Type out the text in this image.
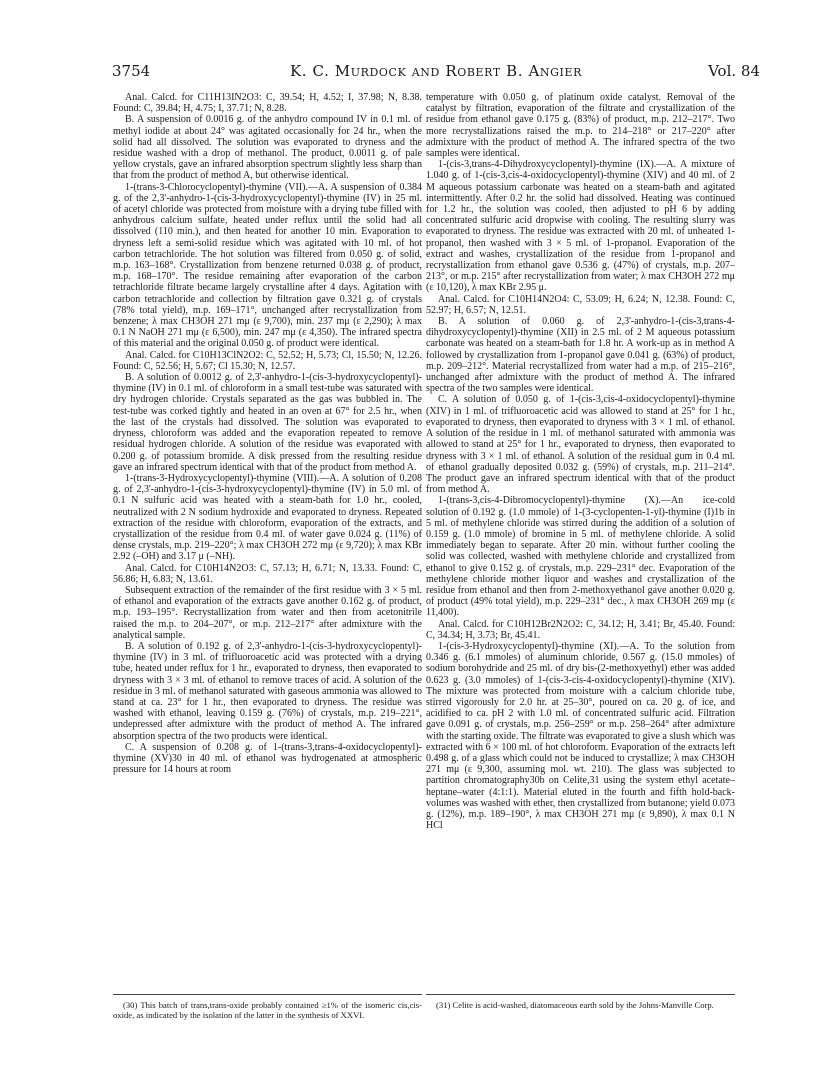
3754	K. C. Murdock and Robert B. Angier	Vol. 84

Anal. Calcd. for C11H13IN2O3: C, 39.54; H, 4.52; I, 37.98; N, 8.38. Found: C, 39.84; H, 4.75; I, 37.71; N, 8.28.

B. A suspension of 0.0016 g. of the anhydro compound IV in 0.1 ml. of methyl iodide at about 24° was agitated occasionally for 24 hr., when the solid had all dissolved. The solution was evaporated to dryness and the residue washed with a drop of methanol. The product, 0.0011 g. of pale yellow crystals, gave an infrared absorption spectrum slightly less sharp than that from the product of method A, but otherwise identical.

1-(trans-3-Chlorocyclopentyl)-thymine (VII).—A. A suspension of 0.384 g. of the 2,3'-anhydro-1-(cis-3-hydroxycyclopentyl)-thymine (IV) in 25 ml. of acetyl chloride was protected from moisture with a drying tube filled with anhydrous calcium sulfate, heated under reflux until the solid had all dissolved (110 min.), and then heated for another 10 min. Evaporation to dryness left a semi-solid residue which was agitated with 10 ml. of hot carbon tetrachloride. The hot solution was filtered from 0.050 g. of solid, m.p. 163–168°. Crystallization from benzene returned 0.038 g. of product, m.p. 168–170°. The residue remaining after evaporation of the carbon tetrachloride filtrate became largely crystalline after 4 days. Agitation with carbon tetrachloride and collection by filtration gave 0.321 g. of crystals (78% total yield), m.p. 169–171°, unchanged after recrystallization from benzene; λ max CH3OH 271 mμ (ε 9,700), min. 237 mμ (ε 2,290); λ max 0.1 N NaOH 271 mμ (ε 6,500), min. 247 mμ (ε 4,350). The infrared spectra of this material and the original 0.050 g. of product were identical.

Anal. Calcd. for C10H13ClN2O2: C, 52.52; H, 5.73; Cl, 15.50; N, 12.26. Found: C, 52.56; H, 5.67; Cl 15.30; N, 12.57.

B. A solution of 0.0012 g. of 2,3'-anhydro-1-(cis-3-hydroxycyclopentyl)-thymine (IV) in 0.1 ml. of chloroform in a small test-tube was saturated with dry hydrogen chloride. Crystals separated as the gas was bubbled in. The test-tube was corked tightly and heated in an oven at 67° for 2.5 hr., when the last of the crystals had dissolved. The solution was evaporated to dryness, chloroform was added and the evaporation repeated to remove residual hydrogen chloride. A solution of the residue was evaporated with 0.200 g. of potassium bromide. A disk pressed from the resulting residue gave an infrared spectrum identical with that of the product from method A.

1-(trans-3-Hydroxycyclopentyl)-thymine (VIII).—A. A solution of 0.208 g. of 2,3'-anhydro-1-(cis-3-hydroxycyclopentyl)-thymine (IV) in 5.0 ml. of 0.1 N sulfuric acid was heated with a steam-bath for 1.0 hr., cooled, neutralized with 2 N sodium hydroxide and evaporated to dryness. Repeated extraction of the residue with chloroform, evaporation of the extracts, and crystallization of the residue from 0.4 ml. of water gave 0.024 g. (11%) of dense crystals, m.p. 219–220°; λ max CH3OH 272 mμ (ε 9,720); λ max KBr 2.92 (–OH) and 3.17 μ (–NH).

Anal. Calcd. for C10H14N2O3: C, 57.13; H, 6.71; N, 13.33. Found: C, 56.86; H, 6.83; N, 13.61.

Subsequent extraction of the remainder of the first residue with 3 × 5 ml. of ethanol and evaporation of the extracts gave another 0.162 g. of product, m.p. 193–195°. Recrystallization from water and then from acetonitrile raised the m.p. to 204–207°, or m.p. 212–217° after admixture with the analytical sample.

B. A solution of 0.192 g. of 2,3'-anhydro-1-(cis-3-hydroxycyclopentyl)-thymine (IV) in 3 ml. of trifluoroacetic acid was protected with a drying tube, heated under reflux for 1 hr., evaporated to dryness, then evaporated to dryness with 3 × 3 ml. of ethanol to remove traces of acid. A solution of the residue in 3 ml. of methanol saturated with gaseous ammonia was allowed to stand at ca. 23° for 1 hr., then evaporated to dryness. The residue was washed with ethanol, leaving 0.159 g. (76%) of crystals, m.p. 219–221°, undepressed after admixture with the product of method A. The infrared absorption spectra of the two products were identical.

C. A suspension of 0.208 g. of 1-(trans-3,trans-4-oxidocyclopentyl)-thymine (XV)30 in 40 ml. of ethanol was hydrogenated at atmospheric pressure for 14 hours at room

temperature with 0.050 g. of platinum oxide catalyst. Removal of the catalyst by filtration, evaporation of the filtrate and crystallization of the residue from ethanol gave 0.175 g. (83%) of product, m.p. 212–217°. Two more recrystallizations raised the m.p. to 214–218° or 217–220° after admixture with the product of method A. The infrared spectra of the two samples were identical.

1-(cis-3,trans-4-Dihydroxycyclopentyl)-thymine (IX).—A. A mixture of 1.040 g. of 1-(cis-3,cis-4-oxidocyclopentyl)-thymine (XIV) and 40 ml. of 2 M aqueous potassium carbonate was heated on a steam-bath and agitated intermittently. After 0.2 hr. the solid had dissolved. Heating was continued for 1.2 hr., the solution was cooled, then adjusted to pH 6 by adding concentrated sulfuric acid dropwise with cooling. The resulting slurry was evaporated to dryness. The residue was extracted with 20 ml. of unheated 1-propanol, then washed with 3 × 5 ml. of 1-propanol. Evaporation of the extract and washes, crystallization of the residue from 1-propanol and recrystallization from ethanol gave 0.536 g. (47%) of crystals, m.p. 207–213°, or m.p. 215° after recrystallization from water; λ max CH3OH 272 mμ (ε 10,120), λ max KBr 2.95 μ.

Anal. Calcd. for C10H14N2O4: C, 53.09; H, 6.24; N, 12.38. Found: C, 52.97; H, 6.57; N, 12.51.

B. A solution of 0.060 g. of 2,3'-anhydro-1-(cis-3,trans-4-dihydroxycyclopentyl)-thymine (XII) in 2.5 ml. of 2 M aqueous potassium carbonate was heated on a steam-bath for 1.8 hr. A work-up as in method A followed by crystallization from 1-propanol gave 0.041 g. (63%) of product, m.p. 209–212°. Material recrystallized from water had a m.p. of 215–216°, unchanged after admixture with the product of method A. The infrared spectra of the two samples were identical.

C. A solution of 0.050 g. of 1-(cis-3,cis-4-oxidocyclopentyl)-thymine (XIV) in 1 ml. of trifluoroacetic acid was allowed to stand at 25° for 1 hr., evaporated to dryness, then evaporated to dryness with 3 × 1 ml. of ethanol. A solution of the residue in 1 ml. of methanol saturated with ammonia was allowed to stand at 25° for 1 hr., evaporated to dryness, then evaporated to dryness with 3 × 1 ml. of ethanol. A solution of the residual gum in 0.4 ml. of ethanol gradually deposited 0.032 g. (59%) of crystals, m.p. 211–214°. The product gave an infrared spectrum identical with that of the product from method A.

1-(trans-3,cis-4-Dibromocyclopentyl)-thymine (X).—An ice-cold solution of 0.192 g. (1.0 mmole) of 1-(3-cyclopenten-1-yl)-thymine (I)1b in 5 ml. of methylene chloride was stirred during the addition of a solution of 0.159 g. (1.0 mmole) of bromine in 5 ml. of methylene chloride. A solid immediately began to separate. After 20 min. without further cooling the solid was collected, washed with methylene chloride and crystallized from ethanol to give 0.152 g. of crystals, m.p. 229–231° dec. Evaporation of the methylene chloride mother liquor and washes and crystallization of the residue from ethanol and then from 2-methoxyethanol gave another 0.020 g. of product (49% total yield), m.p. 229–231° dec., λ max CH3OH 269 mμ (ε 11,400).

Anal. Calcd. for C10H12Br2N2O2: C, 34.12; H, 3.41; Br, 45.40. Found: C, 34.34; H, 3.73; Br, 45.41.

1-(cis-3-Hydroxycyclopentyl)-thymine (XI).—A. To the solution from 0.346 g. (6.1 mmoles) of aluminum chloride, 0.567 g. (15.0 mmoles) of sodium borohydride and 25 ml. of dry bis-(2-methoxyethyl) ether was added 0.623 g. (3.0 mmoles) of 1-(cis-3-cis-4-oxidocyclopentyl)-thymine (XIV). The mixture was protected from moisture with a calcium chloride tube, stirred vigorously for 2.0 hr. at 25–30°, poured on ca. 20 g. of ice, and acidified to ca. pH 2 with 1.0 ml. of concentrated sulfuric acid. Filtration gave 0.091 g. of crystals, m.p. 256–259° or m.p. 258–264° after admixture with the starting oxide. The filtrate was evaporated to give a slush which was extracted with 6 × 100 ml. of hot chloroform. Evaporation of the extracts left 0.498 g. of a glass which could not be induced to crystallize; λ max CH3OH 271 mμ (ε 9,300, assuming mol. wt. 210). The glass was subjected to partition chromatography30b on Celite,31 using the system ethyl acetate–heptane–water (4:1:1). Material eluted in the fourth and fifth hold-back-volumes was washed with ether, then crystallized from butanone; yield 0.073 g. (12%), m.p. 189–190°, λ max CH3OH 271 mμ (ε 9,890), λ max 0.1 N HCl

(30) This batch of trans,trans-oxide probably contained ≥1% of the isomeric cis,cis-oxide, as indicated by the isolation of the latter in the synthesis of XXVI.

(31) Celite is acid-washed, diatomaceous earth sold by the Johns-Manville Corp.
